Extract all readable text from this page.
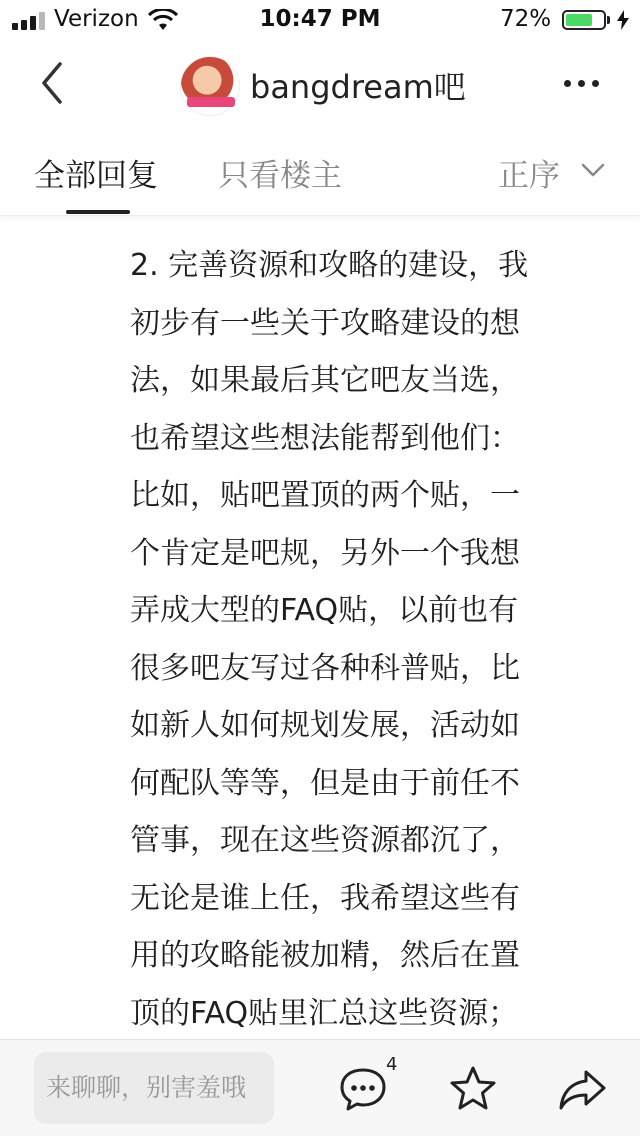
Verizon	10:47 PM	72%
bangdream吧
全部回复 只看楼主	正序
2. 完善资源和攻略的建设，我
初步有一些关于攻略建设的想
法，如果最后其它吧友当选，
也希望这些想法能帮到他们：
比如，贴吧置顶的两个贴，一
个肯定是吧规，另外一个我想
弄成大型的FAQ贴，以前也有
很多吧友写过各种科普贴，比
如新人如何规划发展，活动如
何配队等等，但是由于前任不
管事，现在这些资源都沉了，
无论是谁上任，我希望这些有
用的攻略能被加精，然后在置
顶的FAQ贴里汇总这些资源；
来聊聊，别害羞哦
4
